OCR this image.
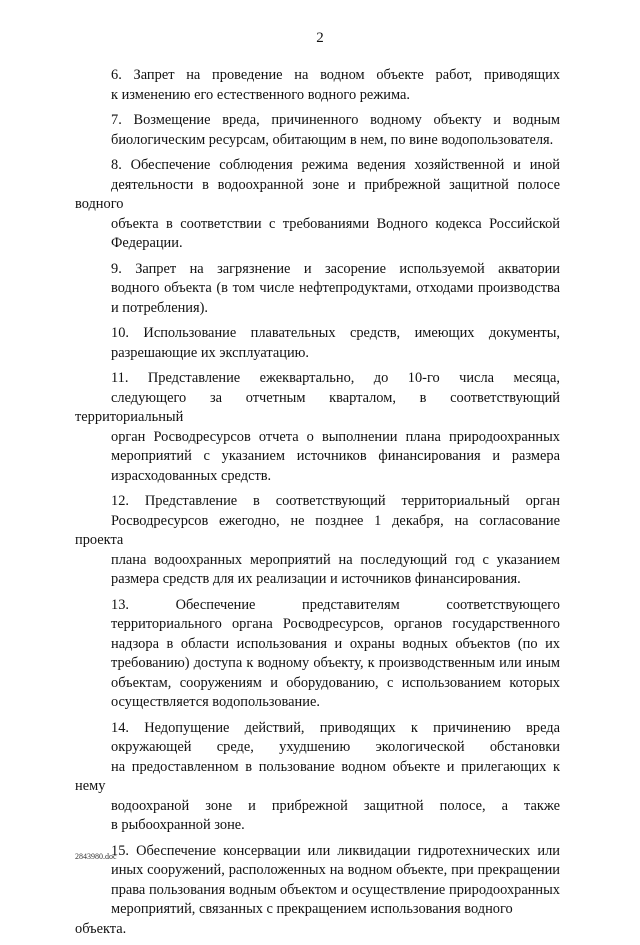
2
6. Запрет на проведение на водном объекте работ, приводящих
к изменению его естественного водного режима.
7. Возмещение вреда, причиненного водному объекту и водным
биологическим ресурсам, обитающим в нем, по вине водопользователя.
8. Обеспечение соблюдения режима ведения хозяйственной и иной
деятельности в водоохранной зоне и прибрежной защитной полосе водного
объекта в соответствии с требованиями Водного кодекса Российской
Федерации.
9. Запрет на загрязнение и засорение используемой акватории
водного объекта (в том числе нефтепродуктами, отходами производства
и потребления).
10. Использование плавательных средств, имеющих документы,
разрешающие их эксплуатацию.
11. Представление ежеквартально, до 10-го числа месяца,
следующего за отчетным кварталом, в соответствующий территориальный
орган Росводресурсов отчета о выполнении плана природоохранных
мероприятий с указанием источников финансирования и размера
израсходованных средств.
12. Представление в соответствующий территориальный орган
Росводресурсов ежегодно, не позднее 1 декабря, на согласование проекта
плана водоохранных мероприятий на последующий год с указанием
размера средств для их реализации и источников финансирования.
13. Обеспечение представителям соответствующего
территориального органа Росводресурсов, органов государственного
надзора в области использования и охраны водных объектов (по их
требованию) доступа к водному объекту, к производственным или иным
объектам, сооружениям и оборудованию, с использованием которых
осуществляется водопользование.
14. Недопущение действий, приводящих к причинению вреда
окружающей среде, ухудшению экологической обстановки
на предоставленном в пользование водном объекте и прилегающих к нему
водоохраной зоне и прибрежной защитной полосе, а также
в рыбоохранной зоне.
15. Обеспечение консервации или ликвидации гидротехнических или
иных сооружений, расположенных на водном объекте, при прекращении
права пользования водным объектом и осуществление природоохранных
мероприятий, связанных с прекращением использования водного объекта.
2843980.doc
